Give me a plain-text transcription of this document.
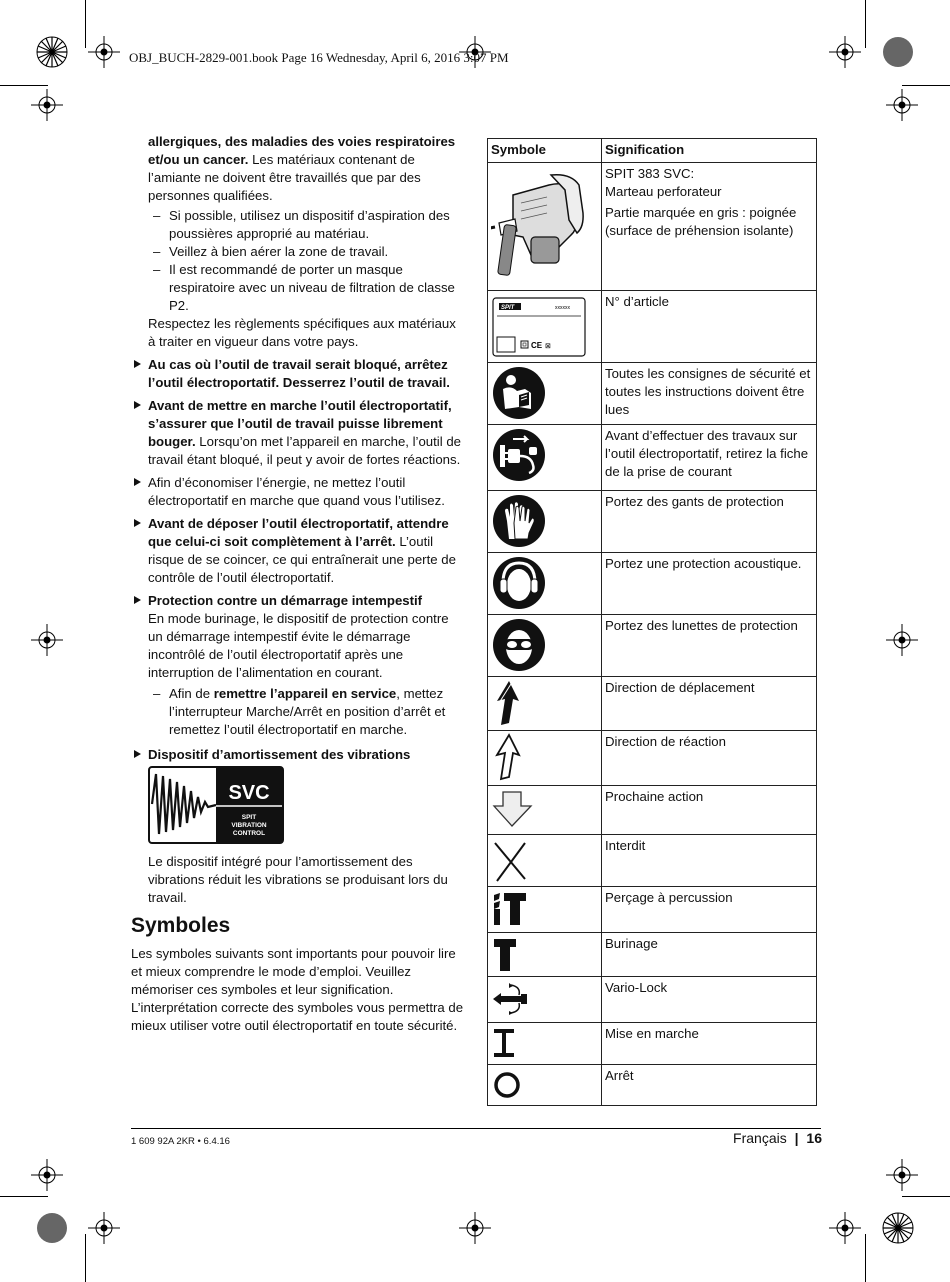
OBJ_BUCH-2829-001.book Page 16 Wednesday, April 6, 2016 3:07 PM

allergiques, des maladies des voies respiratoires et/ou un cancer. Les matériaux contenant de l’amiante ne doivent être travaillés que par des personnes qualifiées.

– Si possible, utilisez un dispositif d’aspiration des poussières approprié au matériau.

– Veillez à bien aérer la zone de travail.

– Il est recommandé de porter un masque respiratoire avec un niveau de filtration de classe P2.

Respectez les règlements spécifiques aux matériaux à traiter en vigueur dans votre pays.

Au cas où l’outil de travail serait bloqué, arrêtez l’outil électroportatif. Desserrez l’outil de travail.

Avant de mettre en marche l’outil électroportatif, s’assurer que l’outil de travail puisse librement bouger. Lorsqu’on met l’appareil en marche, l’outil de travail étant bloqué, il peut y avoir de fortes réactions.

Afin d’économiser l’énergie, ne mettez l’outil électroportatif en marche que quand vous l’utilisez.

Avant de déposer l’outil électroportatif, attendre que celui-ci soit complètement à l’arrêt. L’outil risque de se coincer, ce qui entraînerait une perte de contrôle de l’outil électroportatif.

Protection contre un démarrage intempestif

En mode burinage, le dispositif de protection contre un démarrage intempestif évite le démarrage incontrôlé de l’outil électroportatif après une interruption de l’alimentation en courant.

– Afin de remettre l’appareil en service, mettez l’interrupteur Marche/Arrêt en position d’arrêt et remettez l’outil électroportatif en marche.

Dispositif d’amortissement des vibrations

SVC
SPIT
VIBRATION
CONTROL

Le dispositif intégré pour l’amortissement des vibrations réduit les vibrations se produisant lors du travail.

Symboles

Les symboles suivants sont importants pour pouvoir lire et mieux comprendre le mode d’emploi. Veuillez mémoriser ces symboles et leur signification. L’interprétation correcte des symboles vous permettra de mieux utiliser votre outil électroportatif en toute sécurité.

Symbole	Signification

SPIT 383 SVC:
Marteau perforateur
Partie marquée en gris : poignée (surface de préhension isolante)

SPIT xxxxxx
CE ⊠	N° d’article

	Toutes les consignes de sécurité et toutes les instructions doivent être lues

	Avant d’effectuer des travaux sur l’outil électroportatif, retirez la fiche de la prise de courant

	Portez des gants de protection

	Portez une protection acoustique.

	Portez des lunettes de protection

	Direction de déplacement

	Direction de réaction

	Prochaine action

	Interdit

	Perçage à percussion

	Burinage

	Vario-Lock

	Mise en marche

	Arrêt
1 609 92A 2KR • 6.4.16	Français | 16
